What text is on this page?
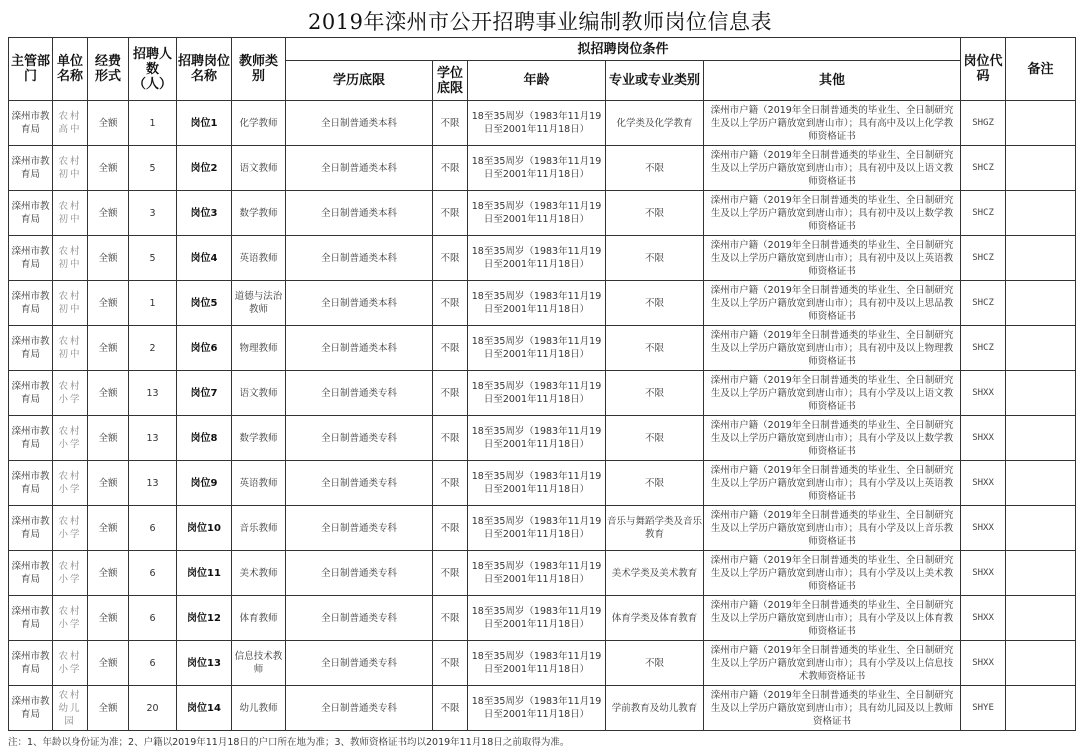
2019年滦州市公开招聘事业编制教师岗位信息表
主管部门	单位名称	经费形式	招聘人数（人）	招聘岗位名称	教师类别	拟招聘岗位条件					岗位代码	备注
						学历底限	学位底限	年龄	专业或专业类别	其他		
滦州市教育局	农村高中	全额	1	岗位1	化学教师	全日制普通类本科	不限	18至35周岁（1983年11月19日至2001年11月18日）	化学类及化学教育	滦州市户籍（2019年全日制普通类的毕业生、全日制研究生及以上学历户籍放宽到唐山市）；具有高中及以上化学教师资格证书	SHGZ	
滦州市教育局	农村初中	全额	5	岗位2	语文教师	全日制普通类本科	不限	18至35周岁（1983年11月19日至2001年11月18日）	不限	滦州市户籍（2019年全日制普通类的毕业生、全日制研究生及以上学历户籍放宽到唐山市）；具有初中及以上语文教师资格证书	SHCZ	
滦州市教育局	农村初中	全额	3	岗位3	数学教师	全日制普通类本科	不限	18至35周岁（1983年11月19日至2001年11月18日）	不限	滦州市户籍（2019年全日制普通类的毕业生、全日制研究生及以上学历户籍放宽到唐山市）；具有初中及以上数学教师资格证书	SHCZ	
滦州市教育局	农村初中	全额	5	岗位4	英语教师	全日制普通类本科	不限	18至35周岁（1983年11月19日至2001年11月18日）	不限	滦州市户籍（2019年全日制普通类的毕业生、全日制研究生及以上学历户籍放宽到唐山市）；具有初中及以上英语教师资格证书	SHCZ	
滦州市教育局	农村初中	全额	1	岗位5	道德与法治教师	全日制普通类本科	不限	18至35周岁（1983年11月19日至2001年11月18日）	不限	滦州市户籍（2019年全日制普通类的毕业生、全日制研究生及以上学历户籍放宽到唐山市）；具有初中及以上思品教师资格证书	SHCZ	
滦州市教育局	农村初中	全额	2	岗位6	物理教师	全日制普通类本科	不限	18至35周岁（1983年11月19日至2001年11月18日）	不限	滦州市户籍（2019年全日制普通类的毕业生、全日制研究生及以上学历户籍放宽到唐山市）；具有初中及以上物理教师资格证书	SHCZ	
滦州市教育局	农村小学	全额	13	岗位7	语文教师	全日制普通类专科	不限	18至35周岁（1983年11月19日至2001年11月18日）	不限	滦州市户籍（2019年全日制普通类的毕业生、全日制研究生及以上学历户籍放宽到唐山市）；具有小学及以上语文教师资格证书	SHXX	
滦州市教育局	农村小学	全额	13	岗位8	数学教师	全日制普通类专科	不限	18至35周岁（1983年11月19日至2001年11月18日）	不限	滦州市户籍（2019年全日制普通类的毕业生、全日制研究生及以上学历户籍放宽到唐山市）；具有小学及以上数学教师资格证书	SHXX	
滦州市教育局	农村小学	全额	13	岗位9	英语教师	全日制普通类专科	不限	18至35周岁（1983年11月19日至2001年11月18日）	不限	滦州市户籍（2019年全日制普通类的毕业生、全日制研究生及以上学历户籍放宽到唐山市）；具有小学及以上英语教师资格证书	SHXX	
滦州市教育局	农村小学	全额	6	岗位10	音乐教师	全日制普通类专科	不限	18至35周岁（1983年11月19日至2001年11月18日）	音乐与舞蹈学类及音乐教育	滦州市户籍（2019年全日制普通类的毕业生、全日制研究生及以上学历户籍放宽到唐山市）；具有小学及以上音乐教师资格证书	SHXX	
滦州市教育局	农村小学	全额	6	岗位11	美术教师	全日制普通类专科	不限	18至35周岁（1983年11月19日至2001年11月18日）	美术学类及美术教育	滦州市户籍（2019年全日制普通类的毕业生、全日制研究生及以上学历户籍放宽到唐山市）；具有小学及以上美术教师资格证书	SHXX	
滦州市教育局	农村小学	全额	6	岗位12	体育教师	全日制普通类专科	不限	18至35周岁（1983年11月19日至2001年11月18日）	体育学类及体育教育	滦州市户籍（2019年全日制普通类的毕业生、全日制研究生及以上学历户籍放宽到唐山市）；具有小学及以上体育教师资格证书	SHXX	
滦州市教育局	农村小学	全额	6	岗位13	信息技术教师	全日制普通类专科	不限	18至35周岁（1983年11月19日至2001年11月18日）	不限	滦州市户籍（2019年全日制普通类的毕业生、全日制研究生及以上学历户籍放宽到唐山市）；具有小学及以上信息技术教师资格证书	SHXX	
滦州市教育局	农村幼儿园	全额	20	岗位14	幼儿教师	全日制普通类专科	不限	18至35周岁（1983年11月19日至2001年11月18日）	学前教育及幼儿教育	滦州市户籍（2019年全日制普通类的毕业生、全日制研究生及以上学历户籍放宽到唐山市）；具有幼儿园及以上教师资格证书	SHYE	
注：1、年龄以身份证为准；2、户籍以2019年11月18日的户口所在地为准；3、教师资格证书均以2019年11月18日之前取得为准。
